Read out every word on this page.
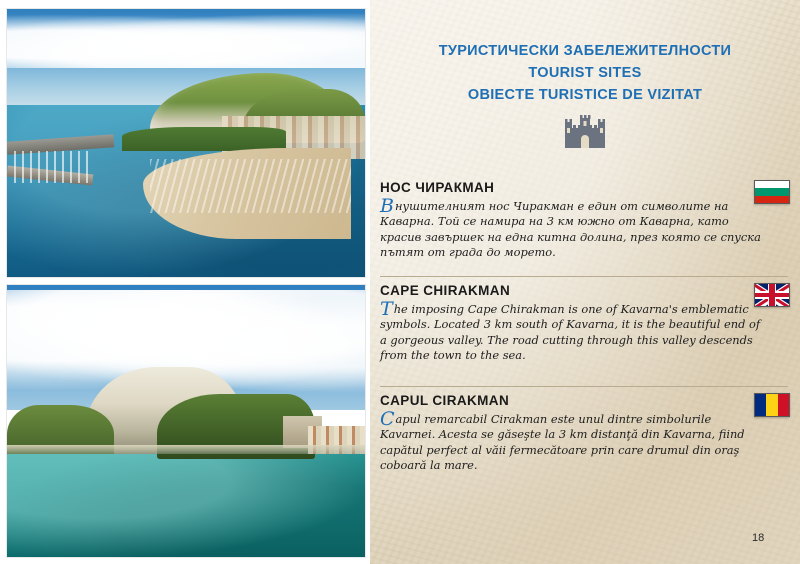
ТУРИСТИЧЕСКИ ЗАБЕЛЕЖИТЕЛНОСТИ
TOURIST SITES
OBIECTE TURISTICE DE VIZITAT
НОС ЧИРАКМАН

Внушителният нос Чиракман е един от символите на Каварна. Той се намира на 3 км южно от Каварна, като красив завършек на една китна долина, през която се спуска пътят от града до морето.

CAPE CHIRAKMAN

The imposing Cape Chirakman is one of Kavarna's emblematic symbols. Located 3 km south of Kavarna, it is the beautiful end of a gorgeous valley. The road cutting through this valley descends from the town to the sea.

CAPUL CIRAKMAN

Capul remarcabil Cirakman este unul dintre simbolurile Kavarnei. Acesta se găseşte la 3 km distanţă din Kavarna, fiind capătul perfect al văii fermecătoare prin care drumul din oraş coboară la mare.

18
